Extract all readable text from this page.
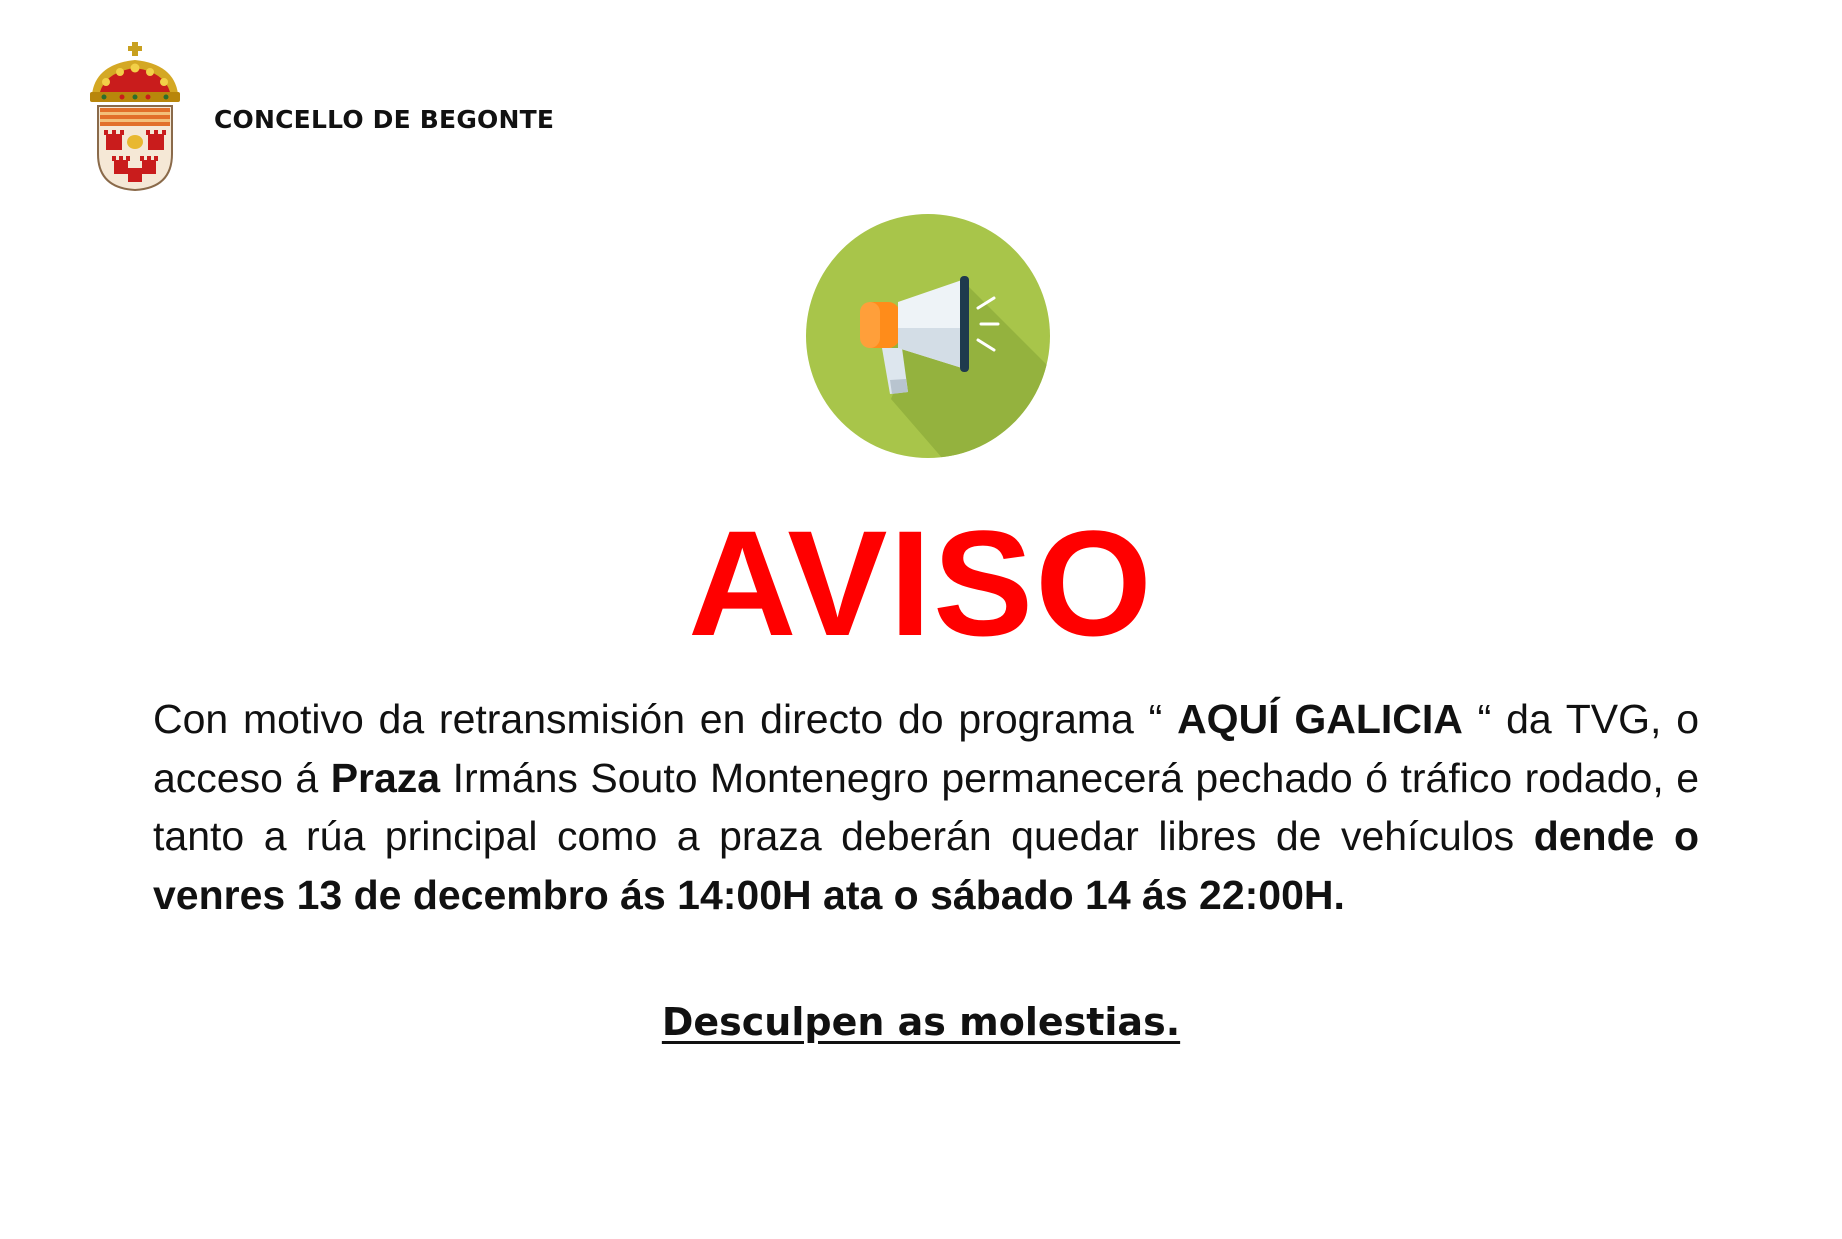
CONCELLO DE BEGONTE
AVISO

Con motivo da retransmisión en directo do programa “ AQUÍ GALICIA “ da TVG, o acceso á Praza Irmáns Souto Montenegro permanecerá pechado ó tráfico rodado, e tanto a rúa principal como a praza deberán quedar libres de vehículos dende o venres 13 de decembro ás 14:00H ata o sábado 14 ás 22:00H.

Desculpen as molestias.
